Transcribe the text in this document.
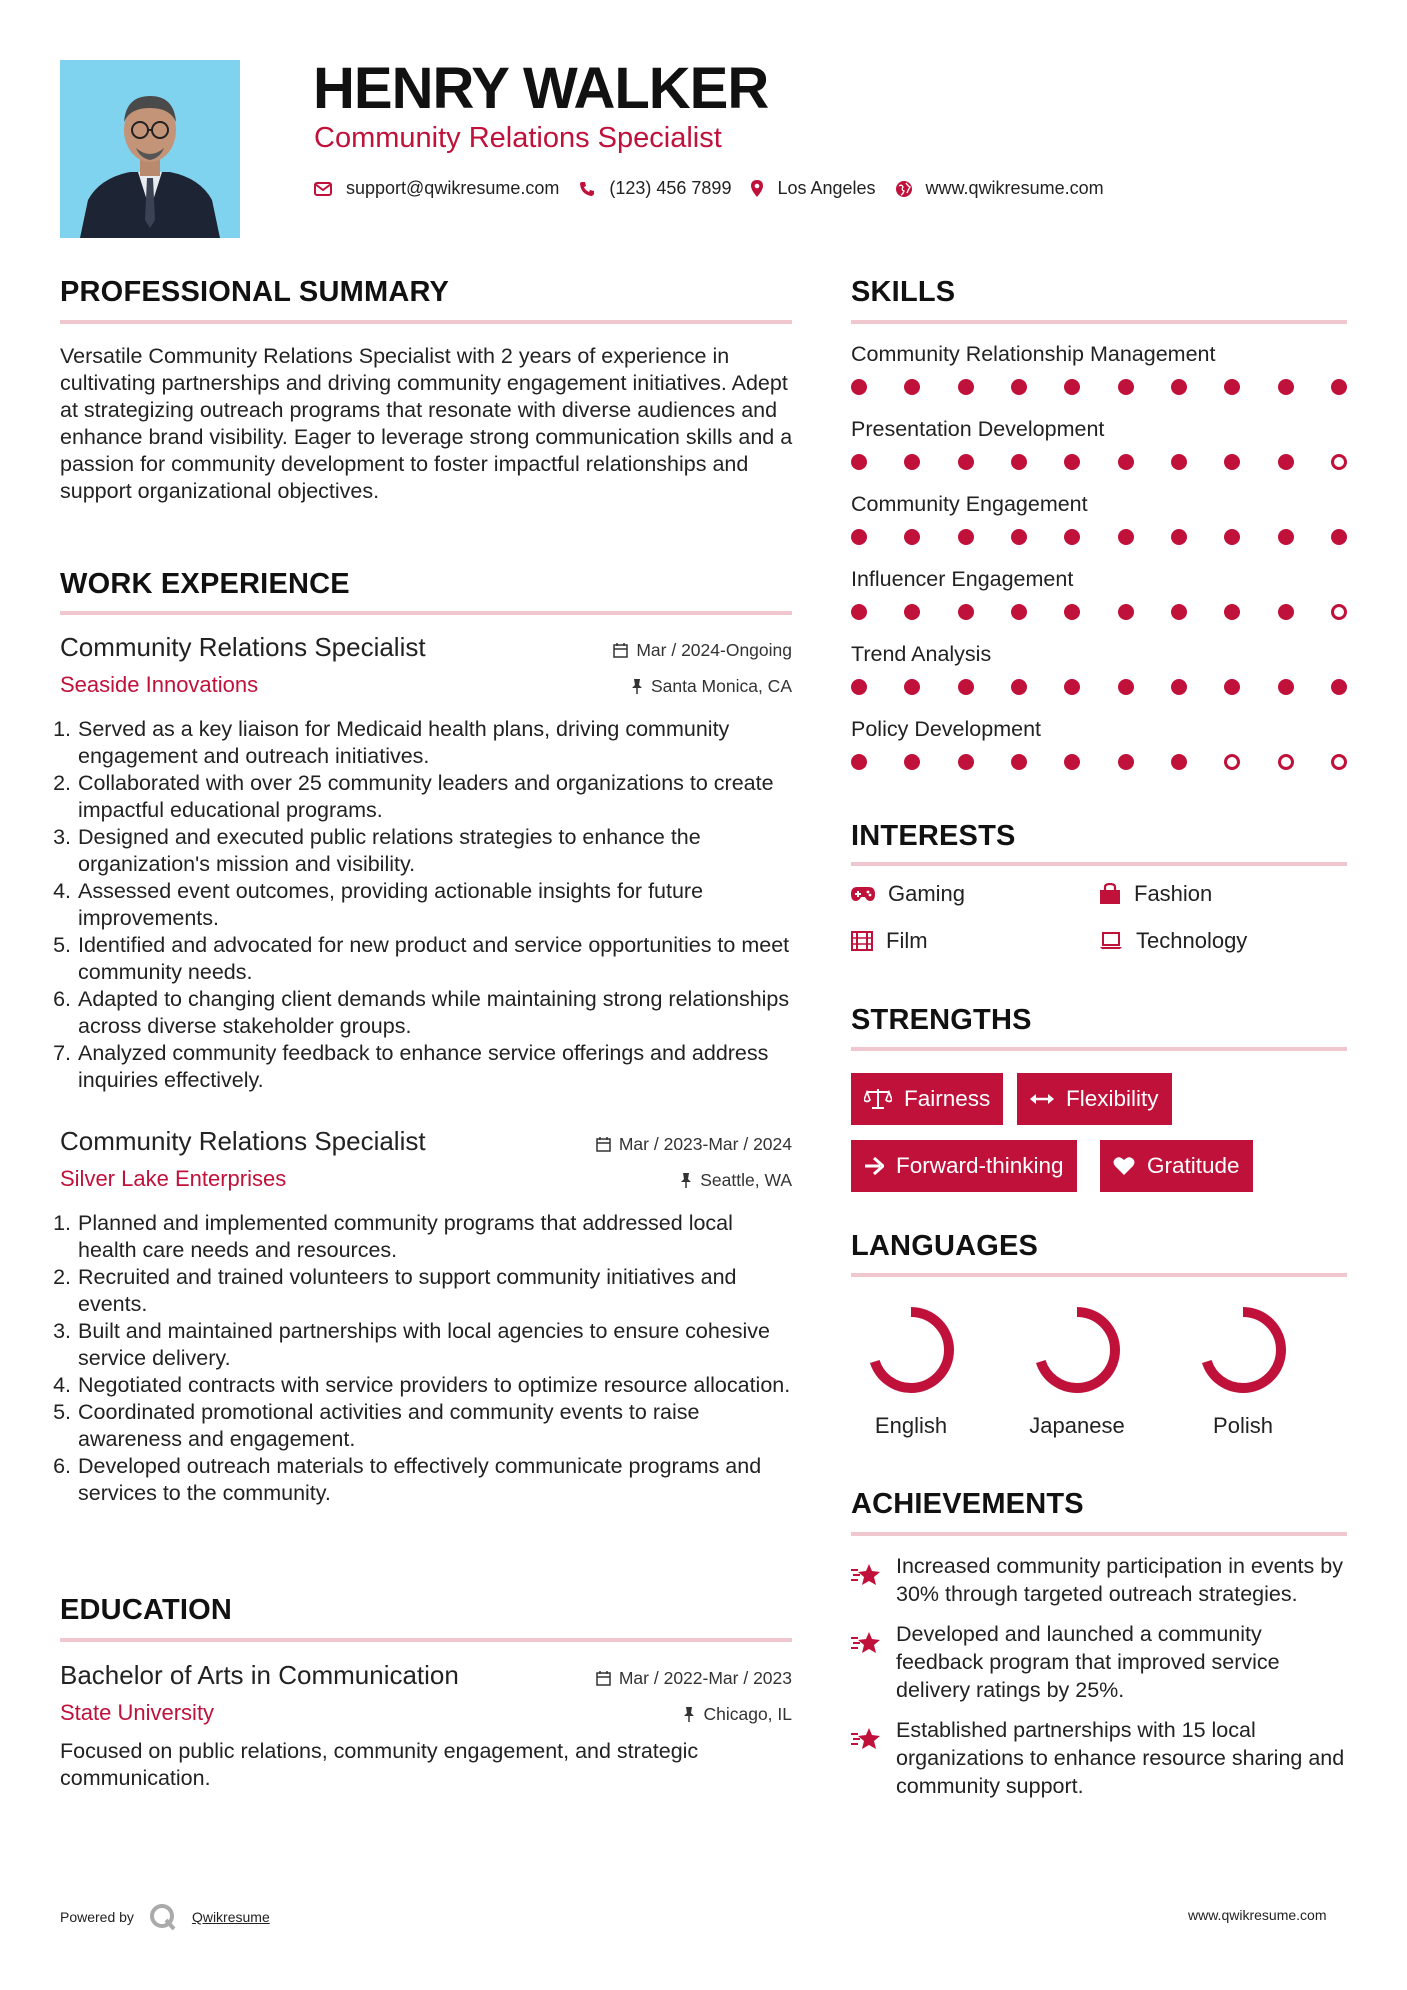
HENRY WALKER
Community Relations Specialist
support@qwikresume.com	(123) 456 7899	Los Angeles	www.qwikresume.com
PROFESSIONAL SUMMARY
Versatile Community Relations Specialist with 2 years of experience in cultivating partnerships and driving community engagement initiatives. Adept at strategizing outreach programs that resonate with diverse audiences and enhance brand visibility. Eager to leverage strong communication skills and a passion for community development to foster impactful relationships and support organizational objectives.
WORK EXPERIENCE
Community Relations Specialist
Seaside Innovations
Mar / 2024-Ongoing
Santa Monica, CA
1. Served as a key liaison for Medicaid health plans, driving community engagement and outreach initiatives.
2. Collaborated with over 25 community leaders and organizations to create impactful educational programs.
3. Designed and executed public relations strategies to enhance the organization's mission and visibility.
4. Assessed event outcomes, providing actionable insights for future improvements.
5. Identified and advocated for new product and service opportunities to meet community needs.
6. Adapted to changing client demands while maintaining strong relationships across diverse stakeholder groups.
7. Analyzed community feedback to enhance service offerings and address inquiries effectively.
Community Relations Specialist
Silver Lake Enterprises
Mar / 2023-Mar / 2024
Seattle, WA
1. Planned and implemented community programs that addressed local health care needs and resources.
2. Recruited and trained volunteers to support community initiatives and events.
3. Built and maintained partnerships with local agencies to ensure cohesive service delivery.
4. Negotiated contracts with service providers to optimize resource allocation.
5. Coordinated promotional activities and community events to raise awareness and engagement.
6. Developed outreach materials to effectively communicate programs and services to the community.
EDUCATION
Bachelor of Arts in Communication
State University
Mar / 2022-Mar / 2023
Chicago, IL
Focused on public relations, community engagement, and strategic communication.
SKILLS
Community Relationship Management
Presentation Development
Community Engagement
Influencer Engagement
Trend Analysis
Policy Development
INTERESTS
Gaming	Fashion
Film	Technology
STRENGTHS
Fairness	Flexibility
Forward-thinking	Gratitude
LANGUAGES
English	Japanese	Polish
ACHIEVEMENTS
Increased community participation in events by 30% through targeted outreach strategies.
Developed and launched a community feedback program that improved service delivery ratings by 25%.
Established partnerships with 15 local organizations to enhance resource sharing and community support.
Powered by	Qwikresume	www.qwikresume.com
